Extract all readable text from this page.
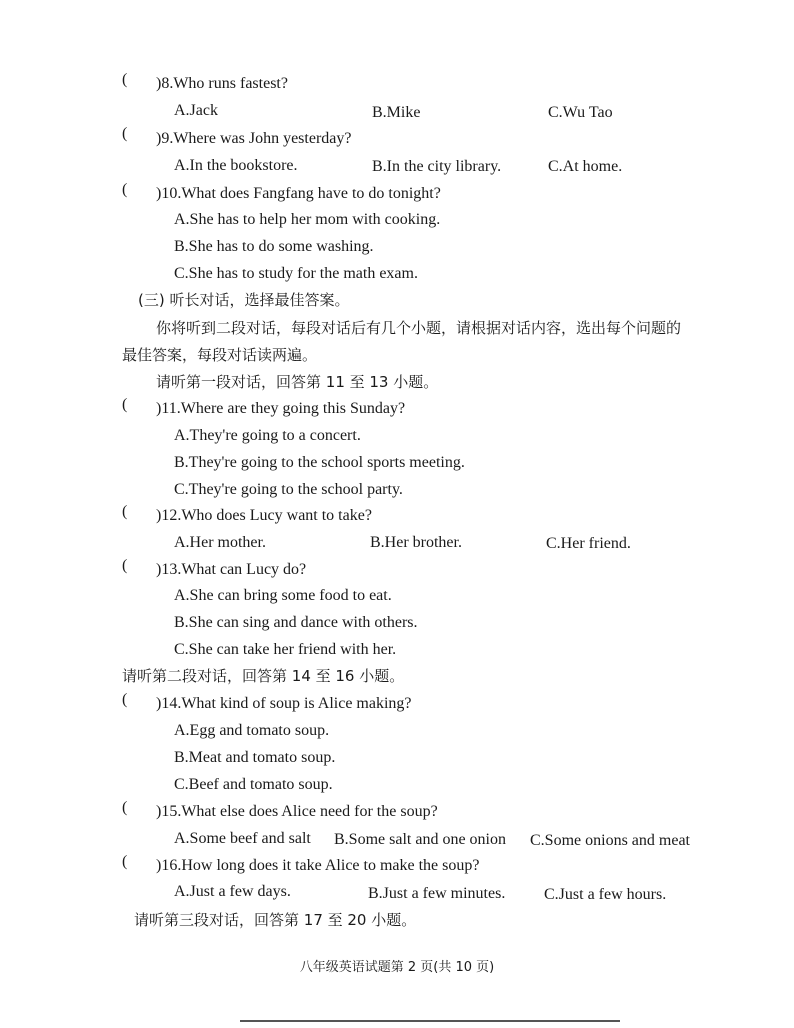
( )8.Who runs fastest?
A.Jack	B.Mike	C.Wu Tao
( )9.Where was John yesterday?
A.In the bookstore.	B.In the city library.	C.At home.
( )10.What does Fangfang have to do tonight?
A.She has to help her mom with cooking.
B.She has to do some washing.
C.She has to study for the math exam.
(三) 听长对话，选择最佳答案。
你将听到二段对话，每段对话后有几个小题，请根据对话内容，选出每个问题的
最佳答案，每段对话读两遍。
请听第一段对话，回答第 11 至 13 小题。
( )11.Where are they going this Sunday?
A.They're going to a concert.
B.They're going to the school sports meeting.
C.They're going to the school party.
( )12.Who does Lucy want to take?
A.Her mother.	B.Her brother.	C.Her friend.
( )13.What can Lucy do?
A.She can bring some food to eat.
B.She can sing and dance with others.
C.She can take her friend with her.
请听第二段对话，回答第 14 至 16 小题。
( )14.What kind of soup is Alice making?
A.Egg and tomato soup.
B.Meat and tomato soup.
C.Beef and tomato soup.
( )15.What else does Alice need for the soup?
A.Some beef and salt B.Some salt and one onion C.Some onions and meat
( )16.How long does it take Alice to make the soup?
A.Just a few days.	B.Just a few minutes. C.Just a few hours.
请听第三段对话，回答第 17 至 20 小题。
八年级英语试题第 2 页(共 10 页)
